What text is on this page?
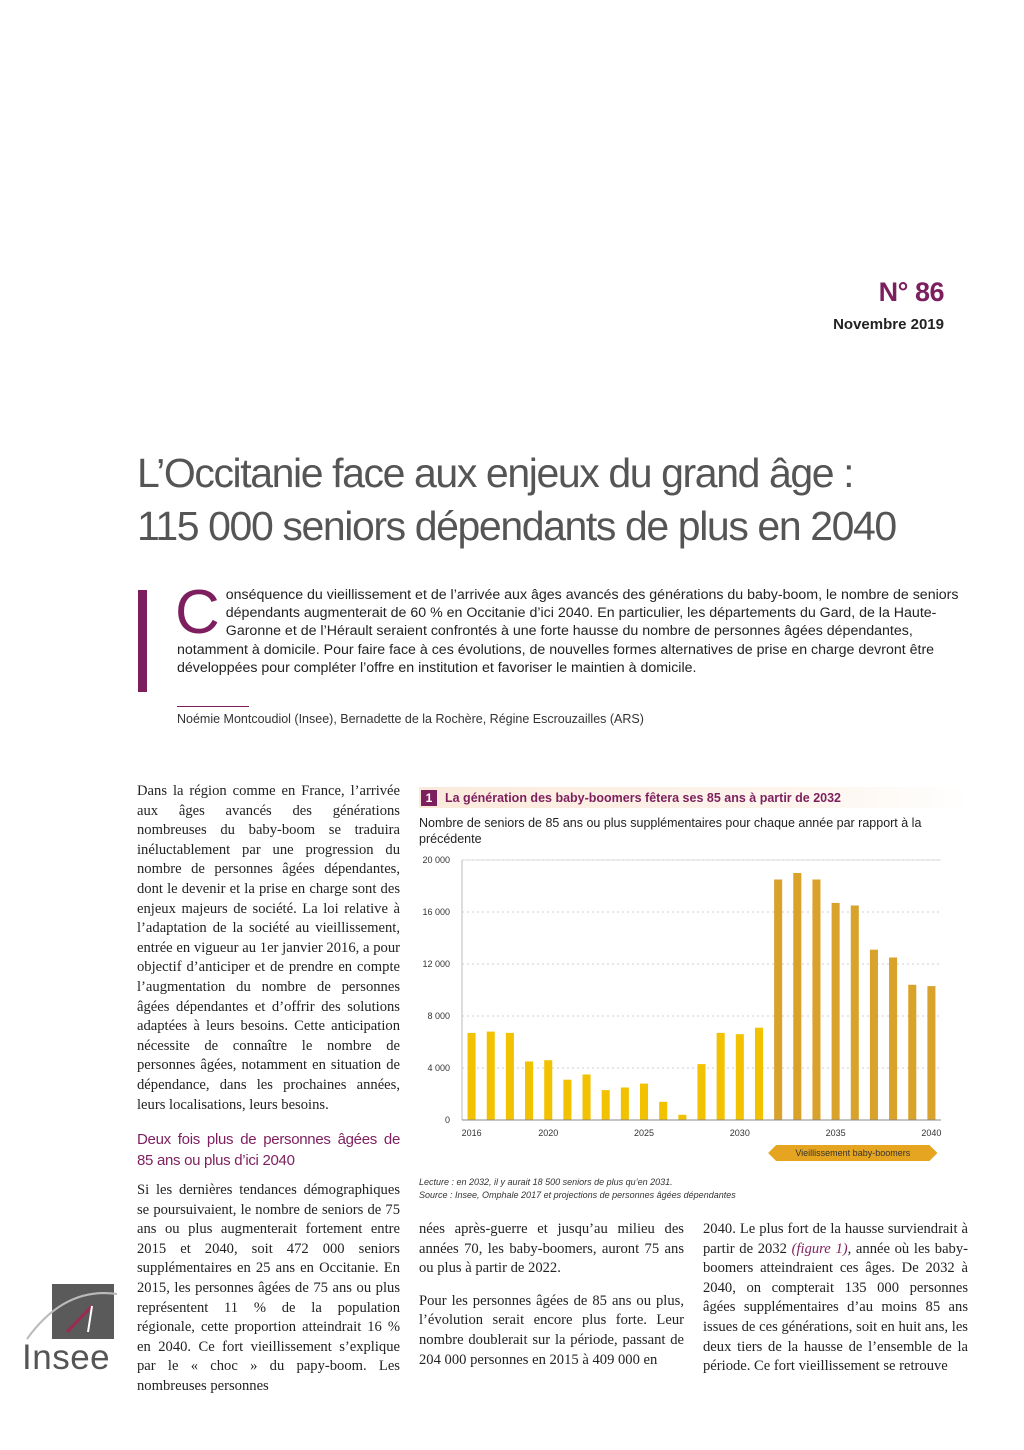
N° 86
Novembre 2019
L’Occitanie face aux enjeux du grand âge :
115 000 seniors dépendants de plus en 2040
Conséquence du vieillissement et de l’arrivée aux âges avancés des générations du baby-boom, le nombre de seniors dépendants augmenterait de 60 % en Occitanie d’ici 2040. En particulier, les départements du Gard, de la Haute-Garonne et de l’Hérault seraient confrontés à une forte hausse du nombre de personnes âgées dépendantes, notamment à domicile. Pour faire face à ces évolutions, de nouvelles formes alternatives de prise en charge devront être développées pour compléter l’offre en institution et favoriser le maintien à domicile.
Noémie Montcoudiol (Insee), Bernadette de la Rochère, Régine Escrouzailles (ARS)

Dans la région comme en France, l’arrivée aux âges avancés des générations nombreuses du baby-boom se traduira inéluctablement par une progression du nombre de personnes âgées dépendantes, dont le devenir et la prise en charge sont des enjeux majeurs de société. La loi relative à l’adaptation de la société au vieillissement, entrée en vigueur au 1er janvier 2016, a pour objectif d’anticiper et de prendre en compte l’augmentation du nombre de personnes âgées dépendantes et d’offrir des solutions adaptées à leurs besoins. Cette anticipation nécessite de connaître le nombre de personnes âgées, notamment en situation de dépendance, dans les prochaines années, leurs localisations, leurs besoins.

Deux fois plus de personnes âgées de 85 ans ou plus d’ici 2040

Si les dernières tendances démographiques se poursuivaient, le nombre de seniors de 75 ans ou plus augmenterait fortement entre 2015 et 2040, soit 472 000 seniors supplémentaires en 25 ans en Occitanie. En 2015, les personnes âgées de 75 ans ou plus représentent 11 % de la population régionale, cette proportion atteindrait 16 % en 2040. Ce fort vieillissement s’explique par le « choc » du papy-boom. Les nombreuses personnes

1	La génération des baby-boomers fêtera ses 85 ans à partir de 2032
Nombre de seniors de 85 ans ou plus supplémentaires pour chaque année par rapport à la précédente
0
4 000
8 000
12 000
16 000
20 000
2016	2020	2025	2030	2035	2040
Vieillissement baby-boomers
Lecture : en 2032, il y aurait 18 500 seniors de plus qu’en 2031.
Source : Insee, Omphale 2017 et projections de personnes âgées dépendantes

nées après-guerre et jusqu’au milieu des années 70, les baby-boomers, auront 75 ans ou plus à partir de 2022.

Pour les personnes âgées de 85 ans ou plus, l’évolution serait encore plus forte. Leur nombre doublerait sur la période, passant de 204 000 personnes en 2015 à 409 000 en

2040. Le plus fort de la hausse surviendrait à partir de 2032 (figure 1), année où les baby-boomers atteindraient ces âges. De 2032 à 2040, on compterait 135 000 personnes âgées supplémentaires d’au moins 85 ans issues de ces générations, soit en huit ans, les deux tiers de la hausse de l’ensemble de la période. Ce fort vieillissement se retrouve

Insee
